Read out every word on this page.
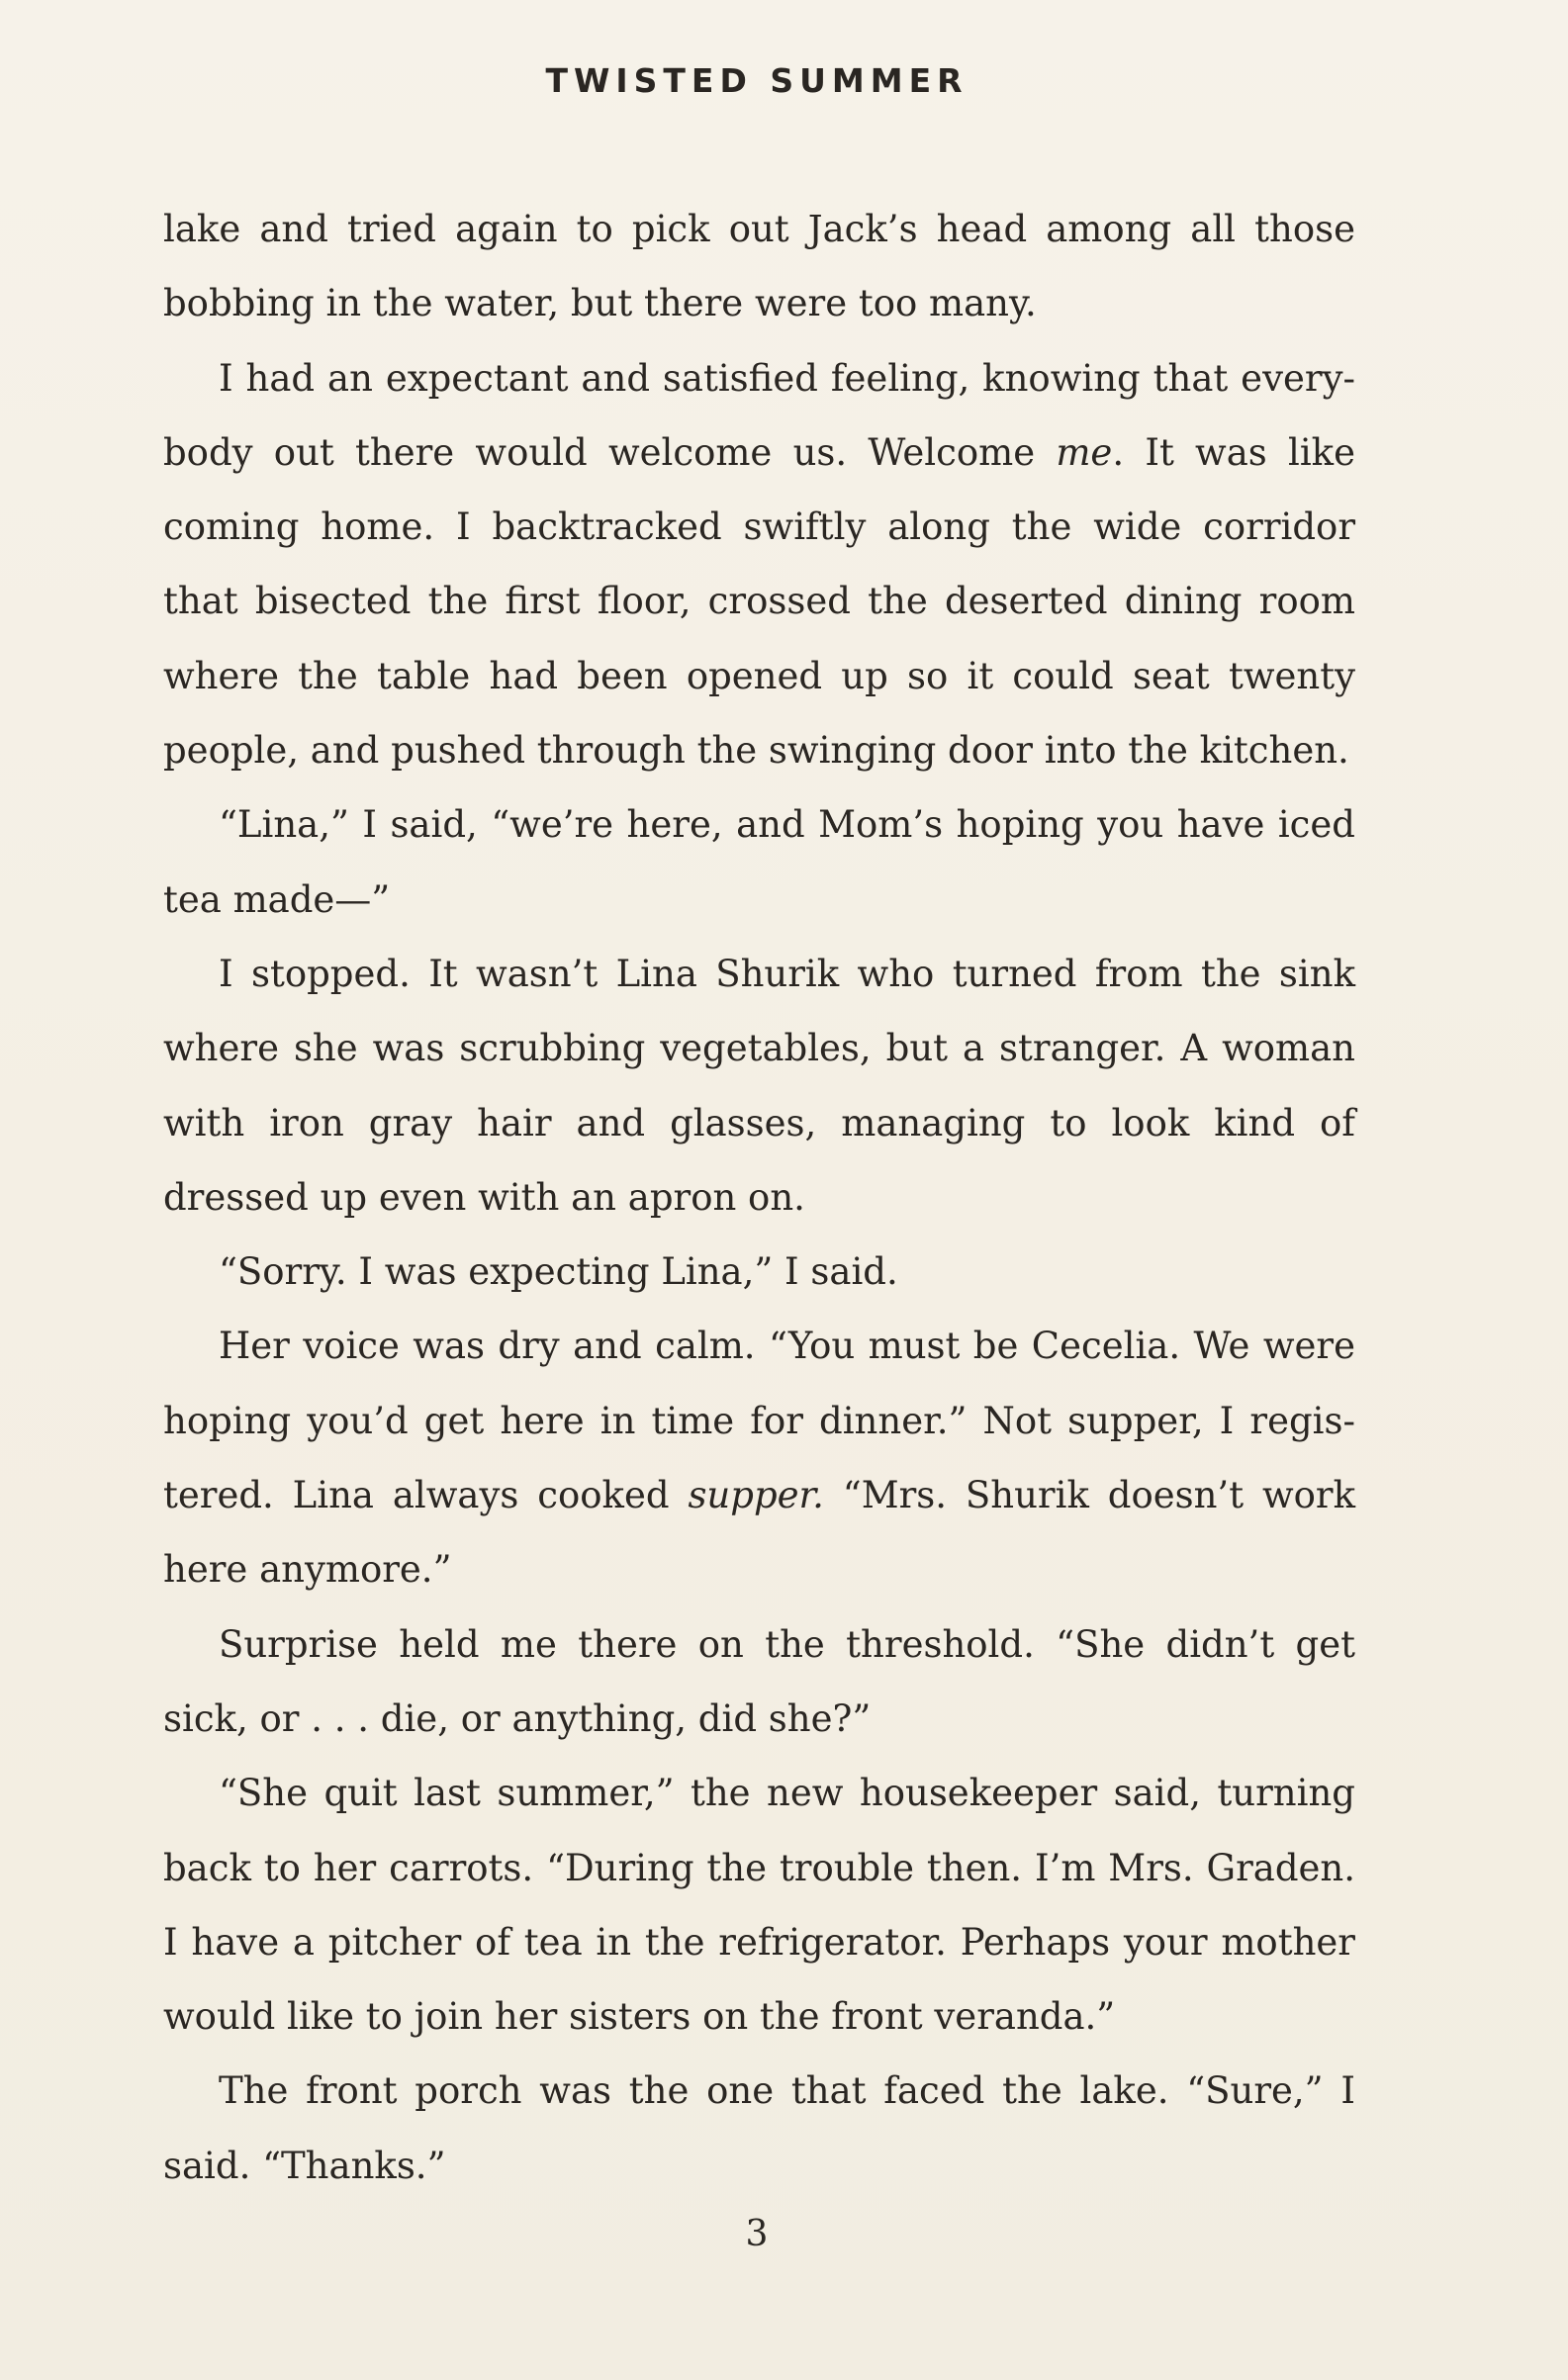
TWISTED SUMMER

lake and tried again to pick out Jack’s head among all those bobbing in the water, but there were too many.

I had an expectant and satisfied feeling, knowing that everybody out there would welcome us. Welcome me. It was like coming home. I backtracked swiftly along the wide corridor that bisected the first floor, crossed the deserted dining room where the table had been opened up so it could seat twenty people, and pushed through the swinging door into the kitchen.

“Lina,” I said, “we’re here, and Mom’s hoping you have iced tea made—”

I stopped. It wasn’t Lina Shurik who turned from the sink where she was scrubbing vegetables, but a stranger. A woman with iron gray hair and glasses, managing to look kind of dressed up even with an apron on.

“Sorry. I was expecting Lina,” I said.

Her voice was dry and calm. “You must be Cecelia. We were hoping you’d get here in time for dinner.” Not supper, I registered. Lina always cooked supper. “Mrs. Shurik doesn’t work here anymore.”

Surprise held me there on the threshold. “She didn’t get sick, or . . . die, or anything, did she?”

“She quit last summer,” the new housekeeper said, turning back to her carrots. “During the trouble then. I’m Mrs. Graden. I have a pitcher of tea in the refrigerator. Perhaps your mother would like to join her sisters on the front veranda.”

The front porch was the one that faced the lake. “Sure,” I said. “Thanks.”

3
